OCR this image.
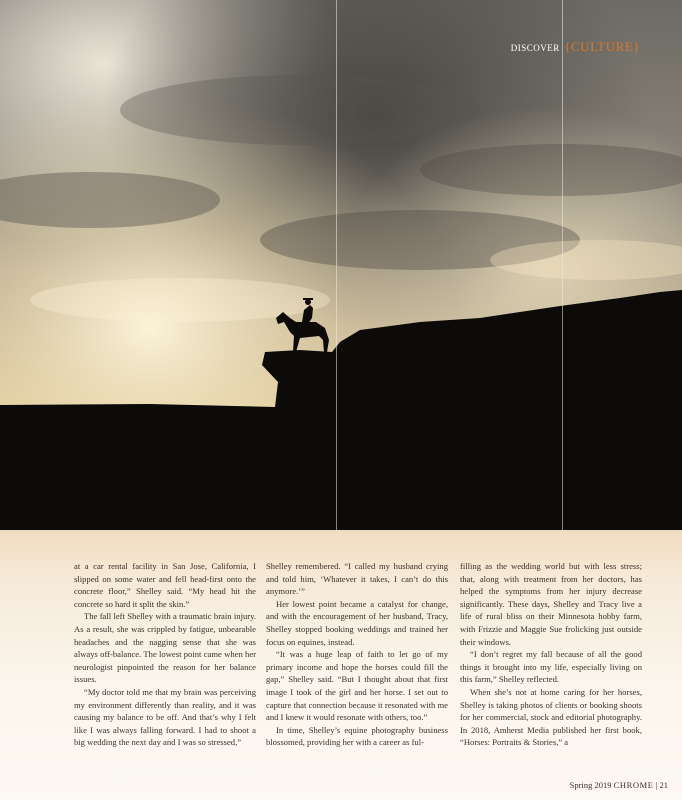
DISCOVER {CULTURE}

at a car rental facility in San Jose, California, I slipped on some water and fell head-first onto the concrete floor,” Shelley said. “My head hit the concrete so hard it split the skin.”

The fall left Shelley with a traumatic brain injury. As a result, she was crippled by fatigue, unbearable headaches and the nagging sense that she was always off-balance. The lowest point came when her neurologist pinpointed the reason for her balance issues.

“My doctor told me that my brain was perceiving my environment differently than reality, and it was causing my balance to be off. And that’s why I felt like I was always falling forward. I had to shoot a big wedding the next day and I was so stressed,”

Shelley remembered. “I called my husband crying and told him, ‘Whatever it takes, I can’t do this anymore.’”

Her lowest point became a catalyst for change, and with the encouragement of her husband, Tracy, Shelley stopped booking weddings and trained her focus on equines, instead.

“It was a huge leap of faith to let go of my primary income and hope the horses could fill the gap,” Shelley said. “But I thought about that first image I took of the girl and her horse. I set out to capture that connection because it resonated with me and I knew it would resonate with others, too.”

In time, Shelley’s equine photography business blossomed, providing her with a career as ful-

filling as the wedding world but with less stress; that, along with treatment from her doctors, has helped the symptoms from her injury decrease significantly. These days, Shelley and Tracy live a life of rural bliss on their Minnesota hobby farm, with Frizzie and Maggie Sue frolicking just outside their windows.

“I don’t regret my fall because of all the good things it brought into my life, especially living on this farm,” Shelley reflected.

When she’s not at home caring for her horses, Shelley is taking photos of clients or booking shoots for her commercial, stock and editorial photography. In 2018, Amherst Media published her first book, “Horses: Portraits & Stories,” a

Spring 2019 CHROME | 21
